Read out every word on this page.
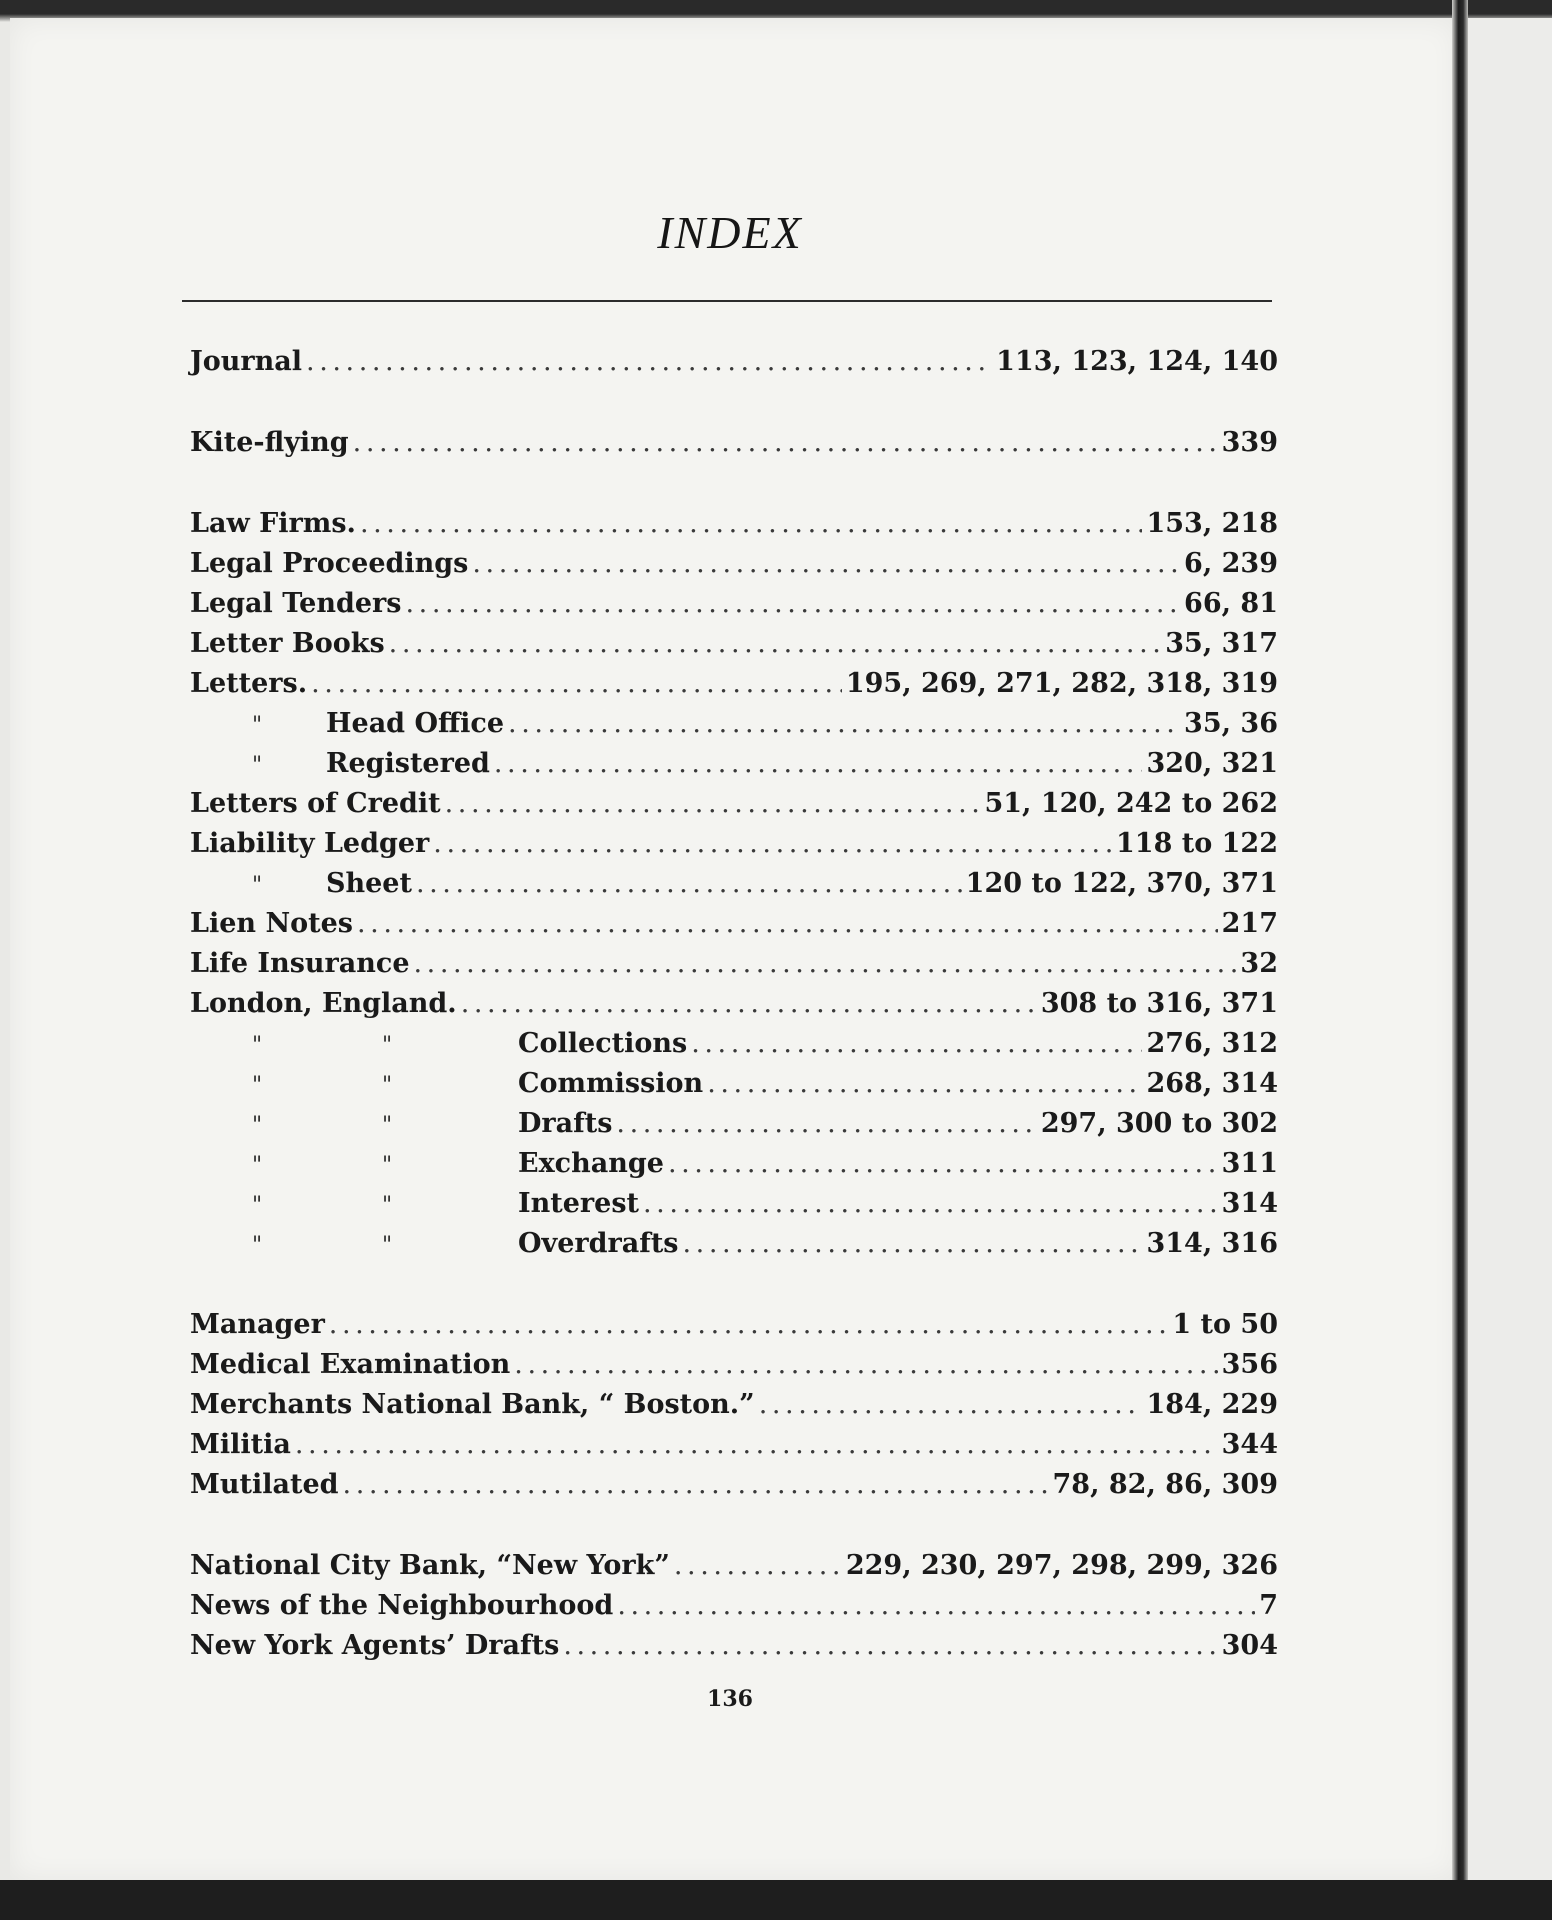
INDEX
Journal . . .	113, 123, 124, 140
Kite-flying . . .	339
Law Firms. . . .	153, 218
Legal Proceedings . . .	6, 239
Legal Tenders . . .	66, 81
Letter Books . . .	35, 317
Letters. . . .	195, 269, 271, 282, 318, 319
" Head Office . . .	35, 36
" Registered . . .	320, 321
Letters of Credit . . .	51, 120, 242 to 262
Liability Ledger . . .	118 to 122
" Sheet . . .	120 to 122, 370, 371
Lien Notes . . .	217
Life Insurance . . .	32
London, England. . . .	308 to 316, 371
"	"	Collections . . .	276, 312
"	"	Commission . . .	268, 314
"	"	Drafts . . .	297, 300 to 302
"	"	Exchange . . .	311
"	"	Interest . . .	314
"	"	Overdrafts . . .	314, 316
Manager . . .	1 to 50
Medical Examination . . .	356
Merchants National Bank, “ Boston.” . . .	184, 229
Militia . . .	344
Mutilated . . .	78, 82, 86, 309
National City Bank, “New York” . . .	229, 230, 297, 298, 299, 326
News of the Neighbourhood . . .	7
New York Agents’ Drafts . . .	304
136
